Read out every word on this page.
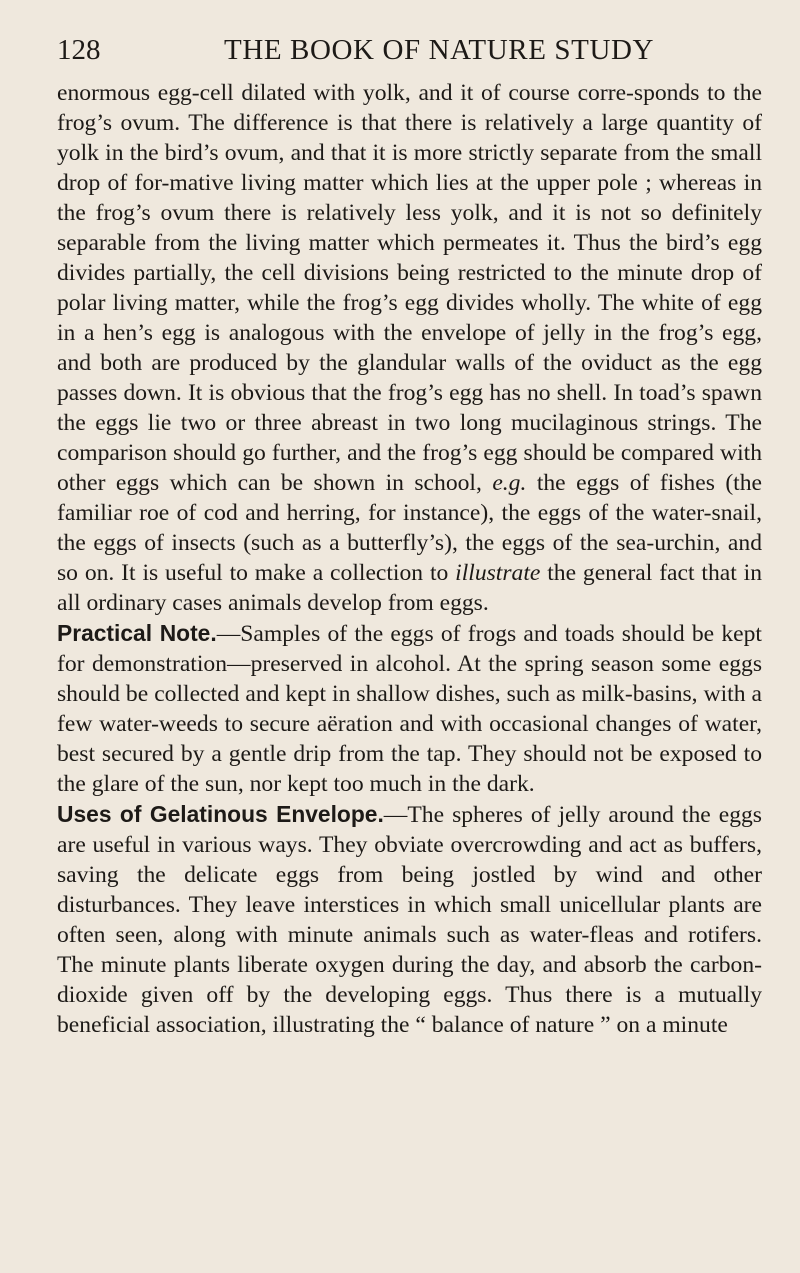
128	THE BOOK OF NATURE STUDY

enormous egg-cell dilated with yolk, and it of course corre-sponds to the frog’s ovum. The difference is that there is relatively a large quantity of yolk in the bird’s ovum, and that it is more strictly separate from the small drop of for-mative living matter which lies at the upper pole ; whereas in the frog’s ovum there is relatively less yolk, and it is not so definitely separable from the living matter which permeates it. Thus the bird’s egg divides partially, the cell divisions being restricted to the minute drop of polar living matter, while the frog’s egg divides wholly. The white of egg in a hen’s egg is analogous with the envelope of jelly in the frog’s egg, and both are produced by the glandular walls of the oviduct as the egg passes down. It is obvious that the frog’s egg has no shell. In toad’s spawn the eggs lie two or three abreast in two long mucilaginous strings. The comparison should go further, and the frog’s egg should be compared with other eggs which can be shown in school, e.g. the eggs of fishes (the familiar roe of cod and herring, for instance), the eggs of the water-snail, the eggs of insects (such as a butterfly’s), the eggs of the sea-urchin, and so on. It is useful to make a collection to illustrate the general fact that in all ordinary cases animals develop from eggs.

Practical Note.—Samples of the eggs of frogs and toads should be kept for demonstration—preserved in alcohol. At the spring season some eggs should be collected and kept in shallow dishes, such as milk-basins, with a few water-weeds to secure aëration and with occasional changes of water, best secured by a gentle drip from the tap. They should not be exposed to the glare of the sun, nor kept too much in the dark.

Uses of Gelatinous Envelope.—The spheres of jelly around the eggs are useful in various ways. They obviate overcrowding and act as buffers, saving the delicate eggs from being jostled by wind and other disturbances. They leave interstices in which small unicellular plants are often seen, along with minute animals such as water-fleas and rotifers. The minute plants liberate oxygen during the day, and absorb the carbon-dioxide given off by the developing eggs. Thus there is a mutually beneficial association, illustrating the “ balance of nature ” on a minute
